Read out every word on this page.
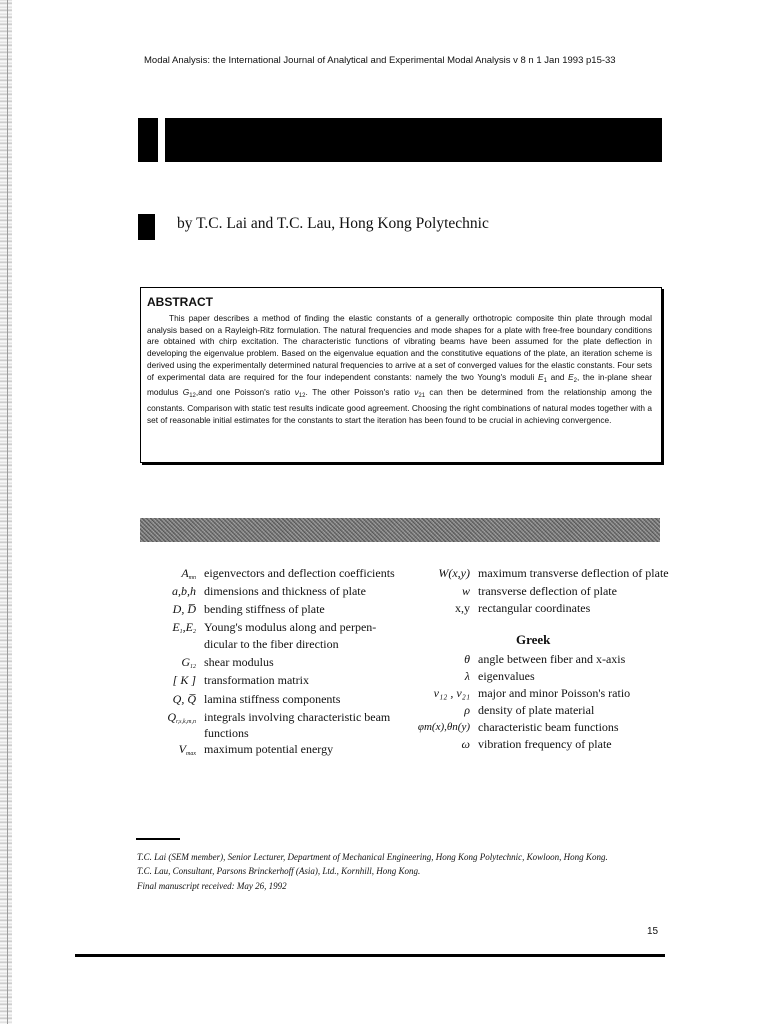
Modal Analysis: the International Journal of Analytical and Experimental Modal Analysis v 8 n 1 Jan 1993 p15-33
by T.C. Lai and T.C. Lau, Hong Kong Polytechnic
ABSTRACT

This paper describes a method of finding the elastic constants of a generally orthotropic composite thin plate through modal analysis based on a Rayleigh-Ritz formulation. The natural frequencies and mode shapes for a plate with free-free boundary conditions are obtained with chirp excitation. The characteristic functions of vibrating beams have been assumed for the plate deflection in developing the eigenvalue problem. Based on the eigenvalue equation and the constitutive equations of the plate, an iteration scheme is derived using the experimentally determined natural frequencies to arrive at a set of converged values for the elastic constants. Four sets of experimental data are required for the four independent constants: namely the two Young's moduli $E_1$ and $E_2$, the in-plane shear modulus $G_{12},and$ one Poisson's ratio $\nu_{12}$. The other Poisson's ratio $\nu_{21}$ can then be determined from the relationship among the constants. Comparison with static test results indicate good agreement. Choosing the right combinations of natural modes together with a set of reasonable initial estimates for the constants to start the iteration has been found to be crucial in achieving convergence.

$A_{mn}$ eigenvectors and deflection coefficients
a,b,h dimensions and thickness of plate
D, D̅ bending stiffness of plate
$E_1,E_2$ Young's modulus along and perpen-
dicular to the fiber direction
$G_{12}$ shear modulus
[ K ] transformation matrix
Q, Q̅ lamina stiffness components
$Q_{r,s,k,m,n}$ integrals involving characteristic beam
functions
$V_{max}$ maximum potential energy
W(x,y) maximum transverse deflection of plate
w transverse deflection of plate
x,y rectangular coordinates
Greek
θ angle between fiber and x-axis
λ eigenvalues
ν₁₂ , ν₂₁ major and minor Poisson's ratio
ρ density of plate material
φm(x),θn(y) characteristic beam functions
ω vibration frequency of plate
T.C. Lai (SEM member), Senior Lecturer, Department of Mechanical Engineering, Hong Kong Polytechnic, Kowloon, Hong Kong.
T.C. Lau, Consultant, Parsons Brinckerhoff (Asia), Ltd., Kornhill, Hong Kong.
Final manuscript received: May 26, 1992
15
